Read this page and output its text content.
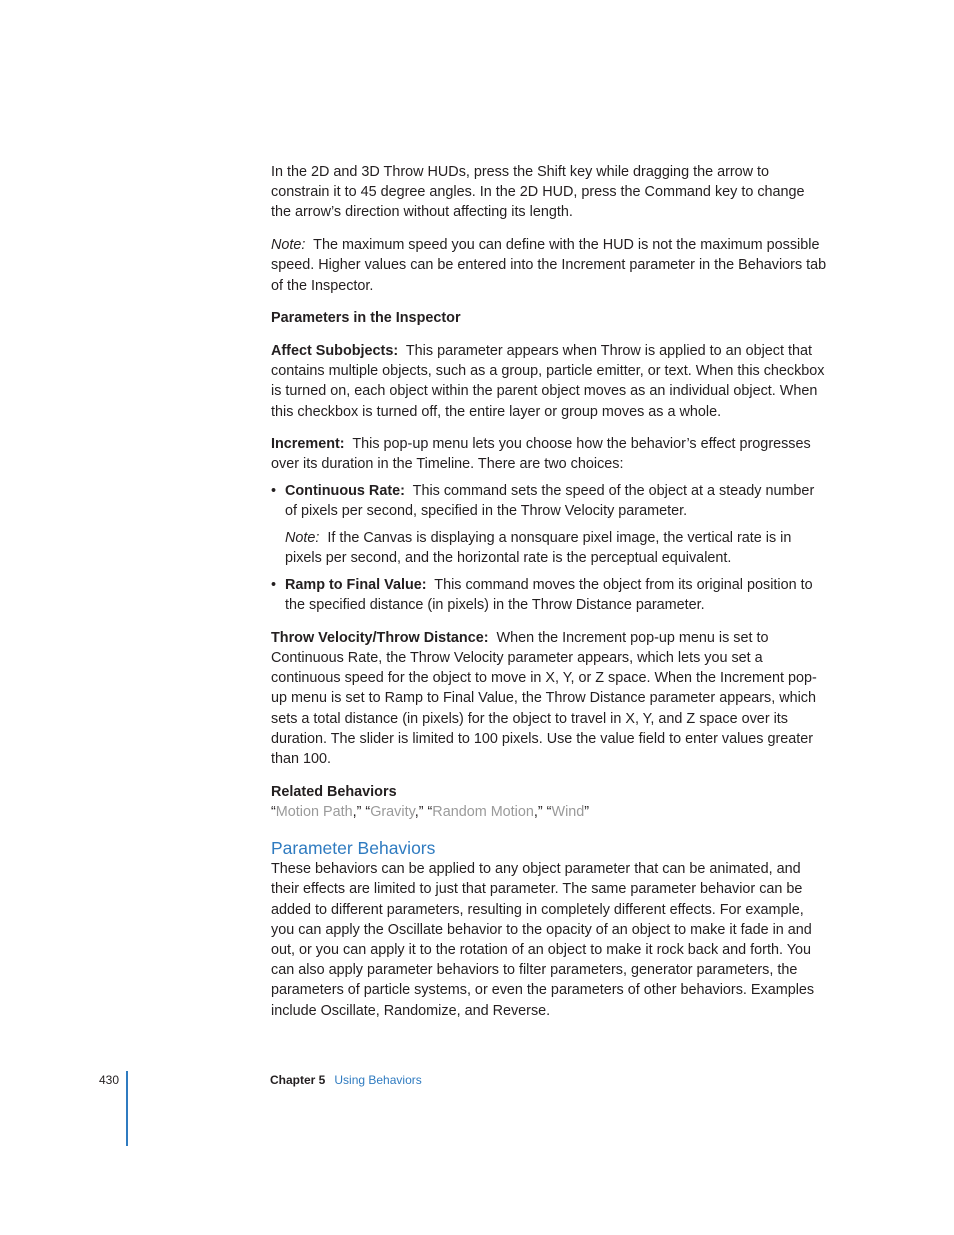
In the 2D and 3D Throw HUDs, press the Shift key while dragging the arrow to constrain it to 45 degree angles. In the 2D HUD, press the Command key to change the arrow’s direction without affecting its length.

Note: The maximum speed you can define with the HUD is not the maximum possible speed. Higher values can be entered into the Increment parameter in the Behaviors tab of the Inspector.

Parameters in the Inspector

Affect Subobjects: This parameter appears when Throw is applied to an object that contains multiple objects, such as a group, particle emitter, or text. When this checkbox is turned on, each object within the parent object moves as an individual object. When this checkbox is turned off, the entire layer or group moves as a whole.

Increment: This pop-up menu lets you choose how the behavior’s effect progresses over its duration in the Timeline. There are two choices:

• Continuous Rate: This command sets the speed of the object at a steady number of pixels per second, specified in the Throw Velocity parameter.

Note: If the Canvas is displaying a nonsquare pixel image, the vertical rate is in pixels per second, and the horizontal rate is the perceptual equivalent.

• Ramp to Final Value: This command moves the object from its original position to the specified distance (in pixels) in the Throw Distance parameter.

Throw Velocity/Throw Distance: When the Increment pop-up menu is set to Continuous Rate, the Throw Velocity parameter appears, which lets you set a continuous speed for the object to move in X, Y, or Z space. When the Increment pop-up menu is set to Ramp to Final Value, the Throw Distance parameter appears, which sets a total distance (in pixels) for the object to travel in X, Y, and Z space over its duration. The slider is limited to 100 pixels. Use the value field to enter values greater than 100.

Related Behaviors

“Motion Path,” “Gravity,” “Random Motion,” “Wind”

Parameter Behaviors

These behaviors can be applied to any object parameter that can be animated, and their effects are limited to just that parameter. The same parameter behavior can be added to different parameters, resulting in completely different effects. For example, you can apply the Oscillate behavior to the opacity of an object to make it fade in and out, or you can apply it to the rotation of an object to make it rock back and forth. You can also apply parameter behaviors to filter parameters, generator parameters, the parameters of particle systems, or even the parameters of other behaviors. Examples include Oscillate, Randomize, and Reverse.

430	Chapter 5 Using Behaviors
